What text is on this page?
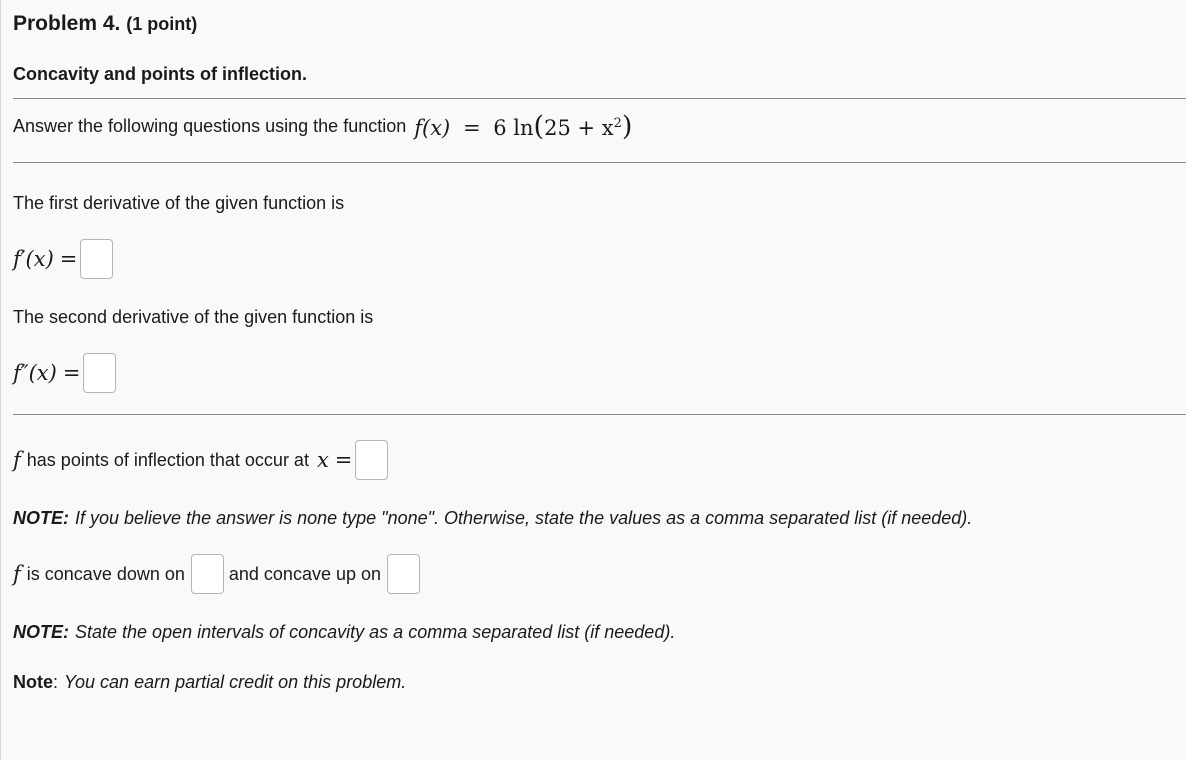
Problem 4. (1 point)
Concavity and points of inflection.
Answer the following questions using the function f(x) = 6 $\ln(25 + x^2)$
The first derivative of the given function is
f′(x) =
The second derivative of the given function is
f″(x) =
f has points of inflection that occur at x =
NOTE: If you believe the answer is none type "none". Otherwise, state the values as a comma separated list (if needed).
f is concave down on and concave up on
NOTE: State the open intervals of concavity as a comma separated list (if needed).
Note : You can earn partial credit on this problem.
